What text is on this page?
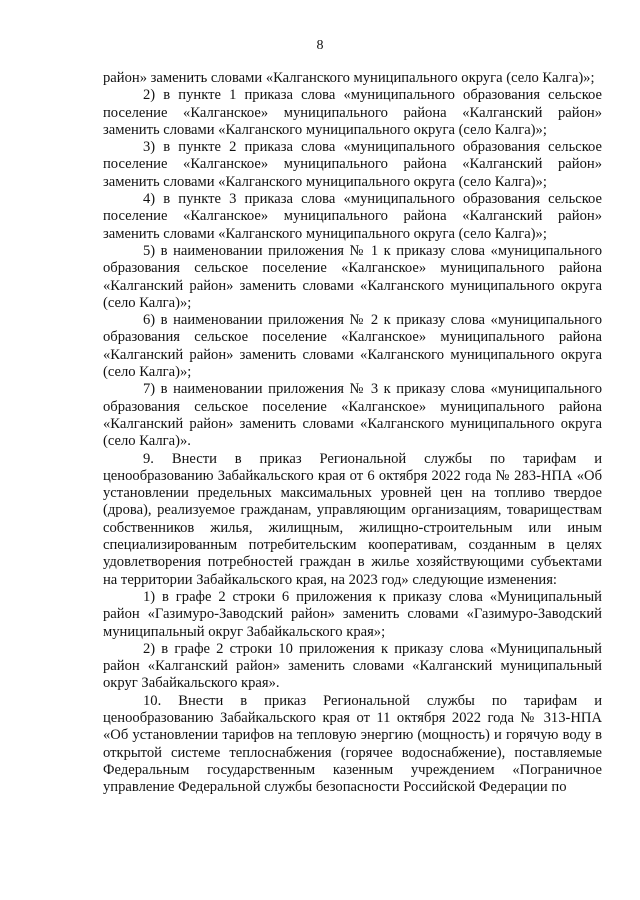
8

район» заменить словами «Калганского муниципального округа (село Калга)»;

2) в пункте 1 приказа слова «муниципального образования сельское поселение «Калганское» муниципального района «Калганский район» заменить словами «Калганского муниципального округа (село Калга)»;

3) в пункте 2 приказа слова «муниципального образования сельское поселение «Калганское» муниципального района «Калганский район» заменить словами «Калганского муниципального округа (село Калга)»;

4) в пункте 3 приказа слова «муниципального образования сельское поселение «Калганское» муниципального района «Калганский район» заменить словами «Калганского муниципального округа (село Калга)»;

5) в наименовании приложения № 1 к приказу слова «муниципального образования сельское поселение «Калганское» муниципального района «Калганский район» заменить словами «Калганского муниципального округа (село Калга)»;

6) в наименовании приложения № 2 к приказу слова «муниципального образования сельское поселение «Калганское» муниципального района «Калганский район» заменить словами «Калганского муниципального округа (село Калга)»;

7) в наименовании приложения № 3 к приказу слова «муниципального образования сельское поселение «Калганское» муниципального района «Калганский район» заменить словами «Калганского муниципального округа (село Калга)».

9. Внести в приказ Региональной службы по тарифам и ценообразованию Забайкальского края от 6 октября 2022 года № 283-НПА «Об установлении предельных максимальных уровней цен на топливо твердое (дрова), реализуемое гражданам, управляющим организациям, товариществам собственников жилья, жилищным, жилищно-строительным или иным специализированным потребительским кооперативам, созданным в целях удовлетворения потребностей граждан в жилье хозяйствующими субъектами на территории Забайкальского края, на 2023 год» следующие изменения:

1) в графе 2 строки 6 приложения к приказу слова «Муниципальный район «Газимуро-Заводский район» заменить словами «Газимуро-Заводский муниципальный округ Забайкальского края»;

2) в графе 2 строки 10 приложения к приказу слова «Муниципальный район «Калганский район» заменить словами «Калганский муниципальный округ Забайкальского края».

10. Внести в приказ Региональной службы по тарифам и ценообразованию Забайкальского края от 11 октября 2022 года № 313-НПА «Об установлении тарифов на тепловую энергию (мощность) и горячую воду в открытой системе теплоснабжения (горячее водоснабжение), поставляемые Федеральным государственным казенным учреждением «Пограничное управление Федеральной службы безопасности Российской Федерации по
